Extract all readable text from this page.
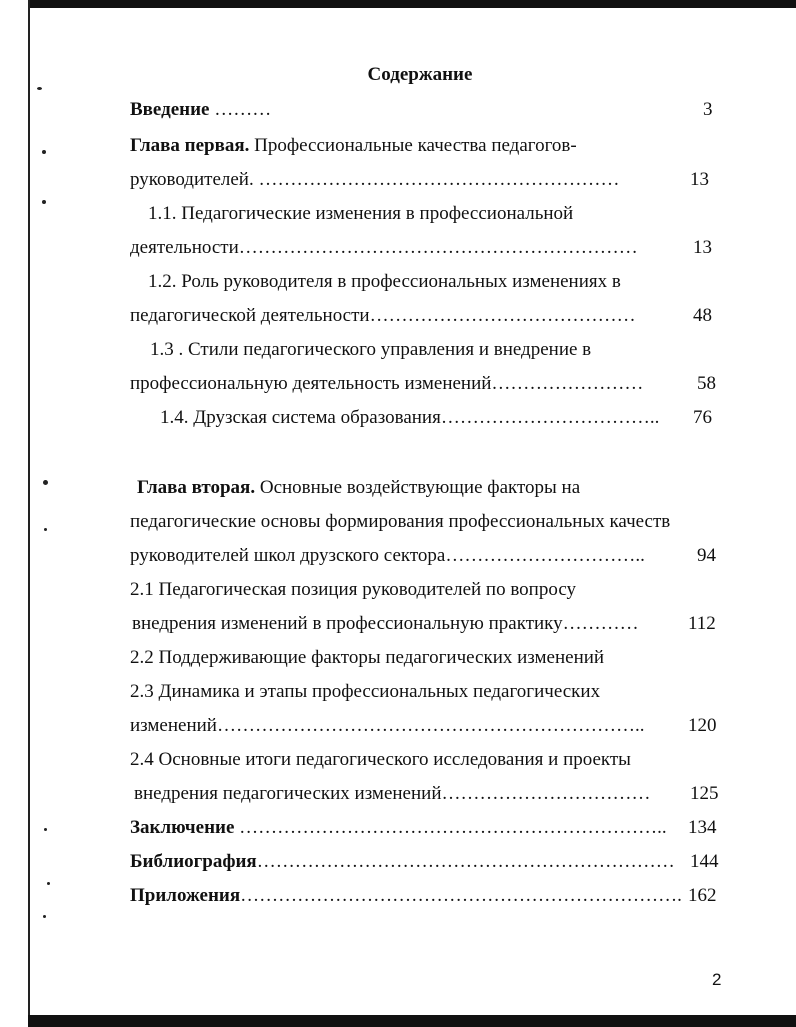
Содержание
Введение ………	3
Глава первая. Профессиональные качества педагогов-
руководителей. …………………………………………………	13
1.1. Педагогические изменения в профессиональной
деятельности………………………………………………………	13
1.2. Роль руководителя в профессиональных изменениях в
педагогической деятельности……………………………………	48
1.3 . Стили педагогического управления и внедрение в
профессиональную деятельность изменений……………………	58
1.4. Друзская система образования…………………………….. 76
Глава вторая. Основные воздействующие факторы на
педагогические основы формирования профессиональных качеств
руководителей школ друзского сектора…………………………..	94
2.1 Педагогическая позиция руководителей по вопросу
внедрения изменений в профессиональную практику…………	112
2.2 Поддерживающие факторы педагогических изменений
2.3 Динамика и этапы профессиональных педагогических
изменений………………………………………………………….. 120
2.4 Основные итоги педагогического исследования и проекты
внедрения педагогических изменений…………………………… 125
Заключение ………………………………………………………….. 134
Библиография………………………………………………………… 144
Приложения……………………………………………………………. 162
2
